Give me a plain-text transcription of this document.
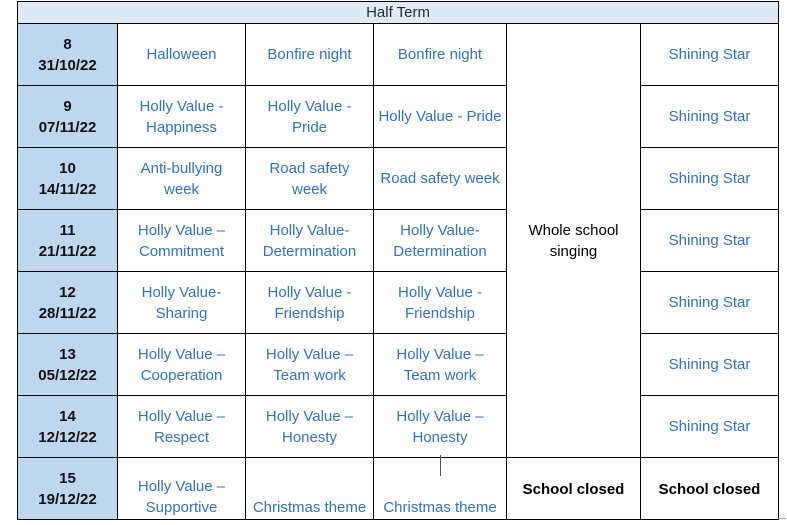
Half Term					

8
31/10/22	Halloween	Bonfire night	Bonfire night	Whole school singing	Shining Star

9
07/11/22	Holly Value - Happiness	Holly Value - Pride	Holly Value - Pride		Shining Star

10
14/11/22	Anti-bullying week	Road safety week	Road safety week		Shining Star

11
21/11/22	Holly Value – Commitment	Holly Value-Determination	Holly Value-Determination		Shining Star

12
28/11/22	Holly Value-Sharing	Holly Value - Friendship	Holly Value - Friendship		Shining Star

13
05/12/22	Holly Value – Cooperation	Holly Value – Team work	Holly Value – Team work		Shining Star

14
12/12/22	Holly Value – Respect	Holly Value – Honesty	Holly Value – Honesty		Shining Star

15
19/12/22	Holly Value – Supportive	Christmas theme	Christmas theme	School closed	School closed
